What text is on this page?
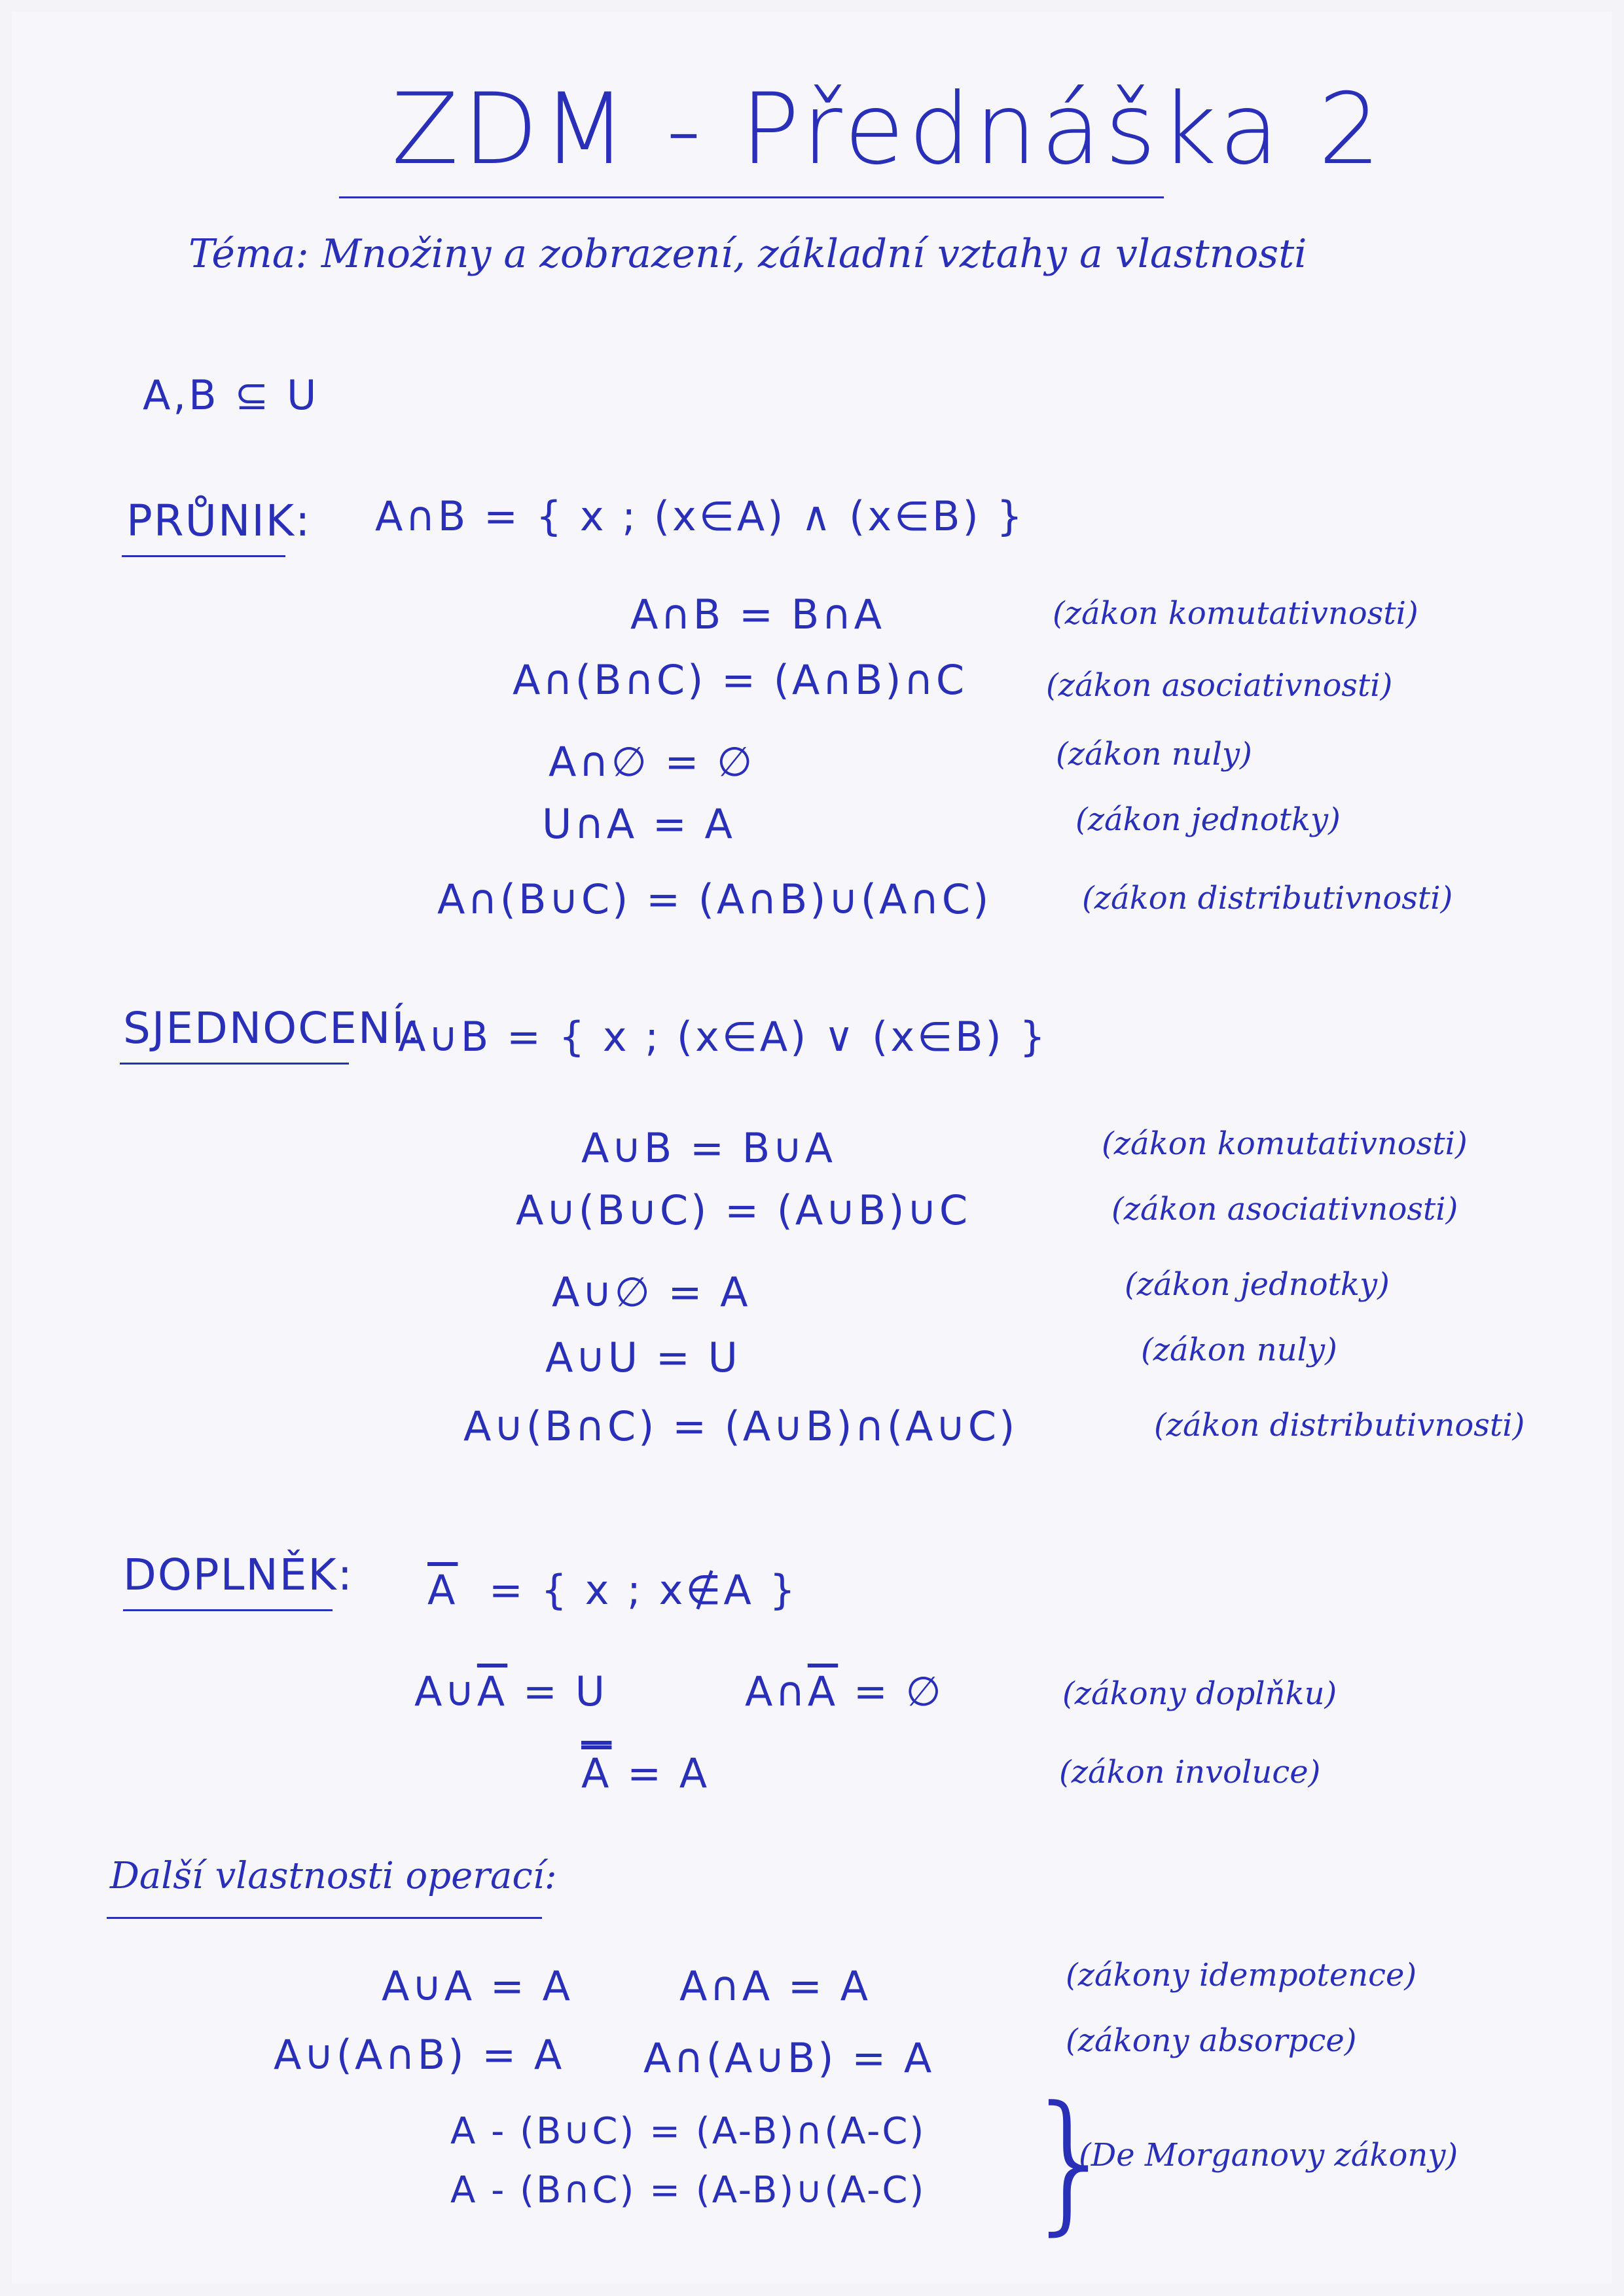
ZDM - Přednáška 2
Téma: Množiny a zobrazení, základní vztahy a vlastnosti
A,B ⊆ U
PRŮNIK: A∩B = { x ; (x∈A) ∧ (x∈B) }
A∩B = B∩A	(zákon komutativnosti)
A∩(B∩C) = (A∩B)∩C	(zákon asociativnosti)
A∩∅ = ∅	(zákon nuly)
U∩A = A	(zákon jednotky)
A∩(B∪C) = (A∩B)∪(A∩C)	(zákon distributivnosti)
SJEDNOCENÍ:
A∪B = { x ; (x∈A) ∨ (x∈B) }
A∪B = B∪A	(zákon komutativnosti)
A∪(B∪C) = (A∪B)∪C	(zákon asociativnosti)
A∪∅ = A	(zákon jednotky)
A∪U = U	(zákon nuly)
A∪(B∩C) = (A∪B)∩(A∪C)	(zákon distributivnosti)
DOPLNĚK: $\overline{A}$ = { x ; x∉A }
$A\cup\overline{A} = U$	$A\cap\overline{A}$ = ∅	(zákony doplňku)
A = A	(zákon involuce)
Další vlastnosti operací:
A∪A = A	A∩A = A	(zákony idempotence)
A∪(A∩B) = A A∩(A∪B) = A	(zákony absorpce)
A - (B∪C) = (A-B)∩(A-C)
A - (B∩C) = (A-B)∪(A-C) }
(De Morganovy zákony)
